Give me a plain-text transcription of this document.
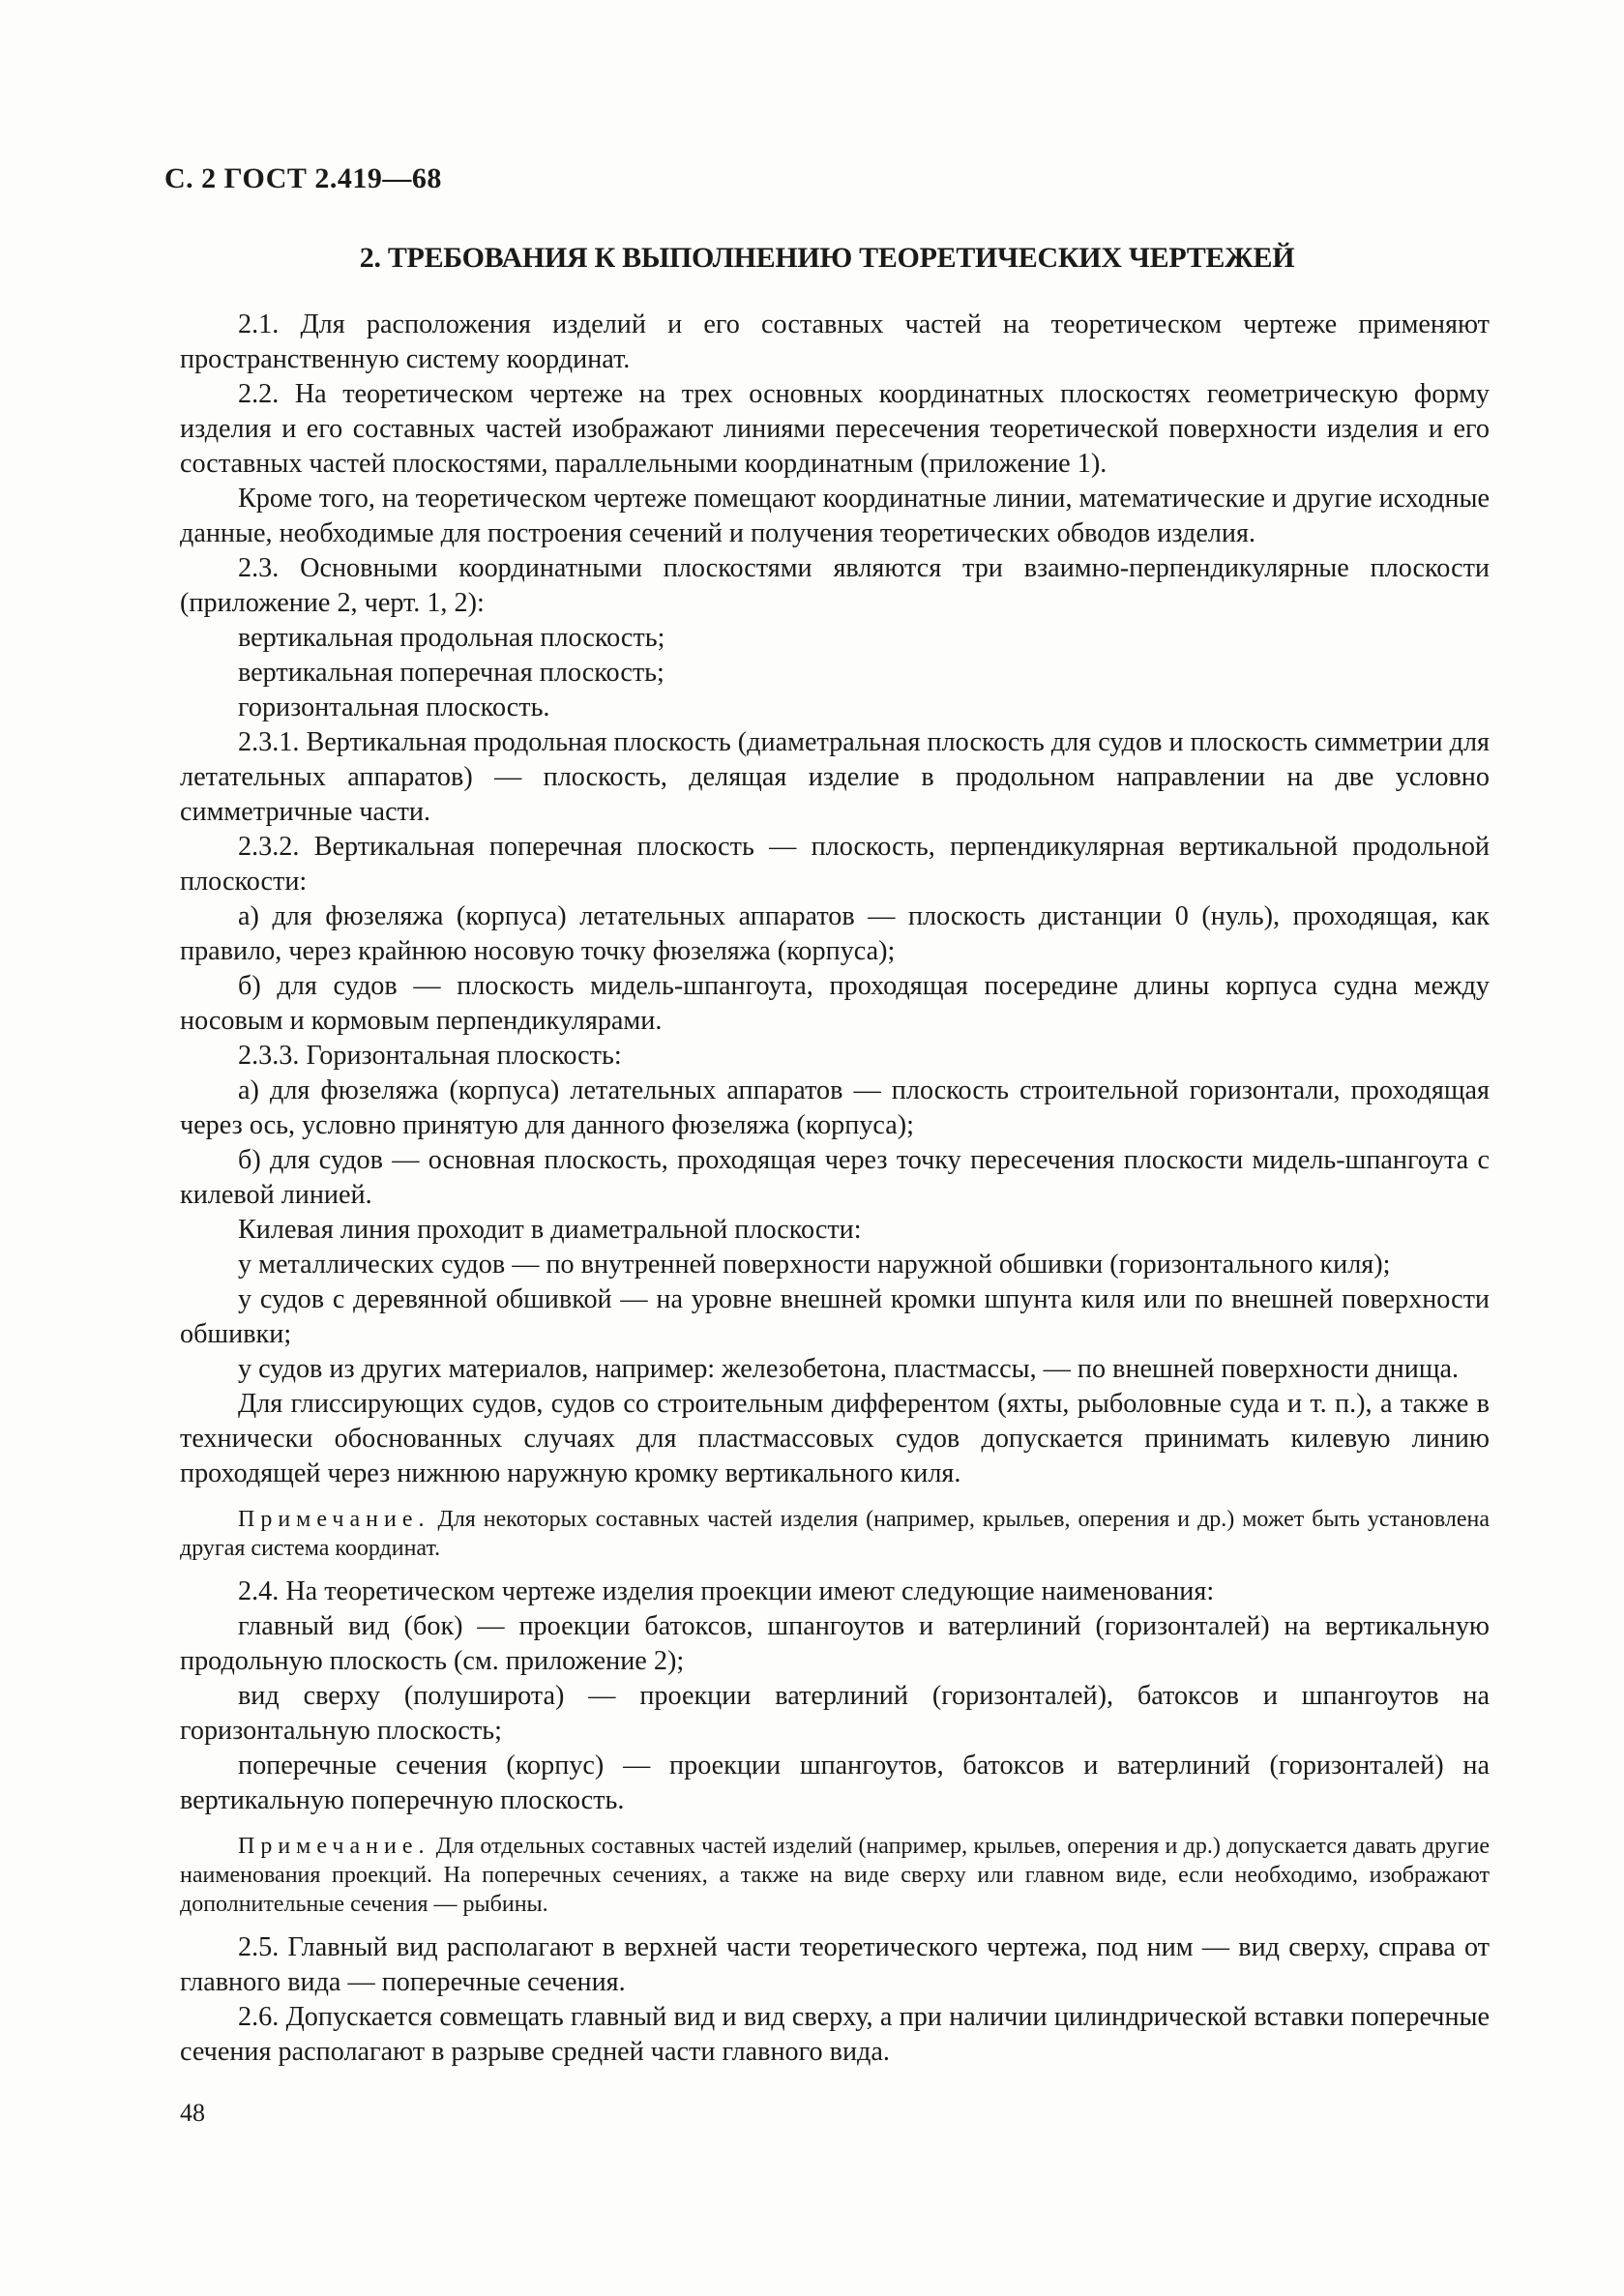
С. 2 ГОСТ 2.419—68
2. ТРЕБОВАНИЯ К ВЫПОЛНЕНИЮ ТЕОРЕТИЧЕСКИХ ЧЕРТЕЖЕЙ

2.1. Для расположения изделий и его составных частей на теоретическом чертеже применяют пространственную систему координат.

2.2. На теоретическом чертеже на трех основных координатных плоскостях геометрическую форму изделия и его составных частей изображают линиями пересечения теоретической поверхности изделия и его составных частей плоскостями, параллельными координатным (приложение 1).

Кроме того, на теоретическом чертеже помещают координатные линии, математические и другие исходные данные, необходимые для построения сечений и получения теоретических обводов изделия.

2.3. Основными координатными плоскостями являются три взаимно-перпендикулярные плоскости (приложение 2, черт. 1, 2):

вертикальная продольная плоскость;

вертикальная поперечная плоскость;

горизонтальная плоскость.

2.3.1. Вертикальная продольная плоскость (диаметральная плоскость для судов и плоскость симметрии для летательных аппаратов) — плоскость, делящая изделие в продольном направлении на две условно симметричные части.

2.3.2. Вертикальная поперечная плоскость — плоскость, перпендикулярная вертикальной продольной плоскости:

а) для фюзеляжа (корпуса) летательных аппаратов — плоскость дистанции 0 (нуль), проходящая, как правило, через крайнюю носовую точку фюзеляжа (корпуса);

б) для судов — плоскость мидель-шпангоута, проходящая посередине длины корпуса судна между носовым и кормовым перпендикулярами.

2.3.3. Горизонтальная плоскость:

а) для фюзеляжа (корпуса) летательных аппаратов — плоскость строительной горизонтали, проходящая через ось, условно принятую для данного фюзеляжа (корпуса);

б) для судов — основная плоскость, проходящая через точку пересечения плоскости мидель-шпангоута с килевой линией.

Килевая линия проходит в диаметральной плоскости:

у металлических судов — по внутренней поверхности наружной обшивки (горизонтального киля);

у судов с деревянной обшивкой — на уровне внешней кромки шпунта киля или по внешней поверхности обшивки;

у судов из других материалов, например: железобетона, пластмассы, — по внешней поверхности днища.

Для глиссирующих судов, судов со строительным дифферентом (яхты, рыболовные суда и т. п.), а также в технически обоснованных случаях для пластмассовых судов допускается принимать килевую линию проходящей через нижнюю наружную кромку вертикального киля.

Примечание. Для некоторых составных частей изделия (например, крыльев, оперения и др.) может быть установлена другая система координат.

2.4. На теоретическом чертеже изделия проекции имеют следующие наименования:

главный вид (бок) — проекции батоксов, шпангоутов и ватерлиний (горизонталей) на вертикальную продольную плоскость (см. приложение 2);

вид сверху (полуширота) — проекции ватерлиний (горизонталей), батоксов и шпангоутов на горизонтальную плоскость;

поперечные сечения (корпус) — проекции шпангоутов, батоксов и ватерлиний (горизонталей) на вертикальную поперечную плоскость.

Примечание. Для отдельных составных частей изделий (например, крыльев, оперения и др.) допускается давать другие наименования проекций. На поперечных сечениях, а также на виде сверху или главном виде, если необходимо, изображают дополнительные сечения — рыбины.

2.5. Главный вид располагают в верхней части теоретического чертежа, под ним — вид сверху, справа от главного вида — поперечные сечения.

2.6. Допускается совмещать главный вид и вид сверху, а при наличии цилиндрической вставки поперечные сечения располагают в разрыве средней части главного вида.

48
